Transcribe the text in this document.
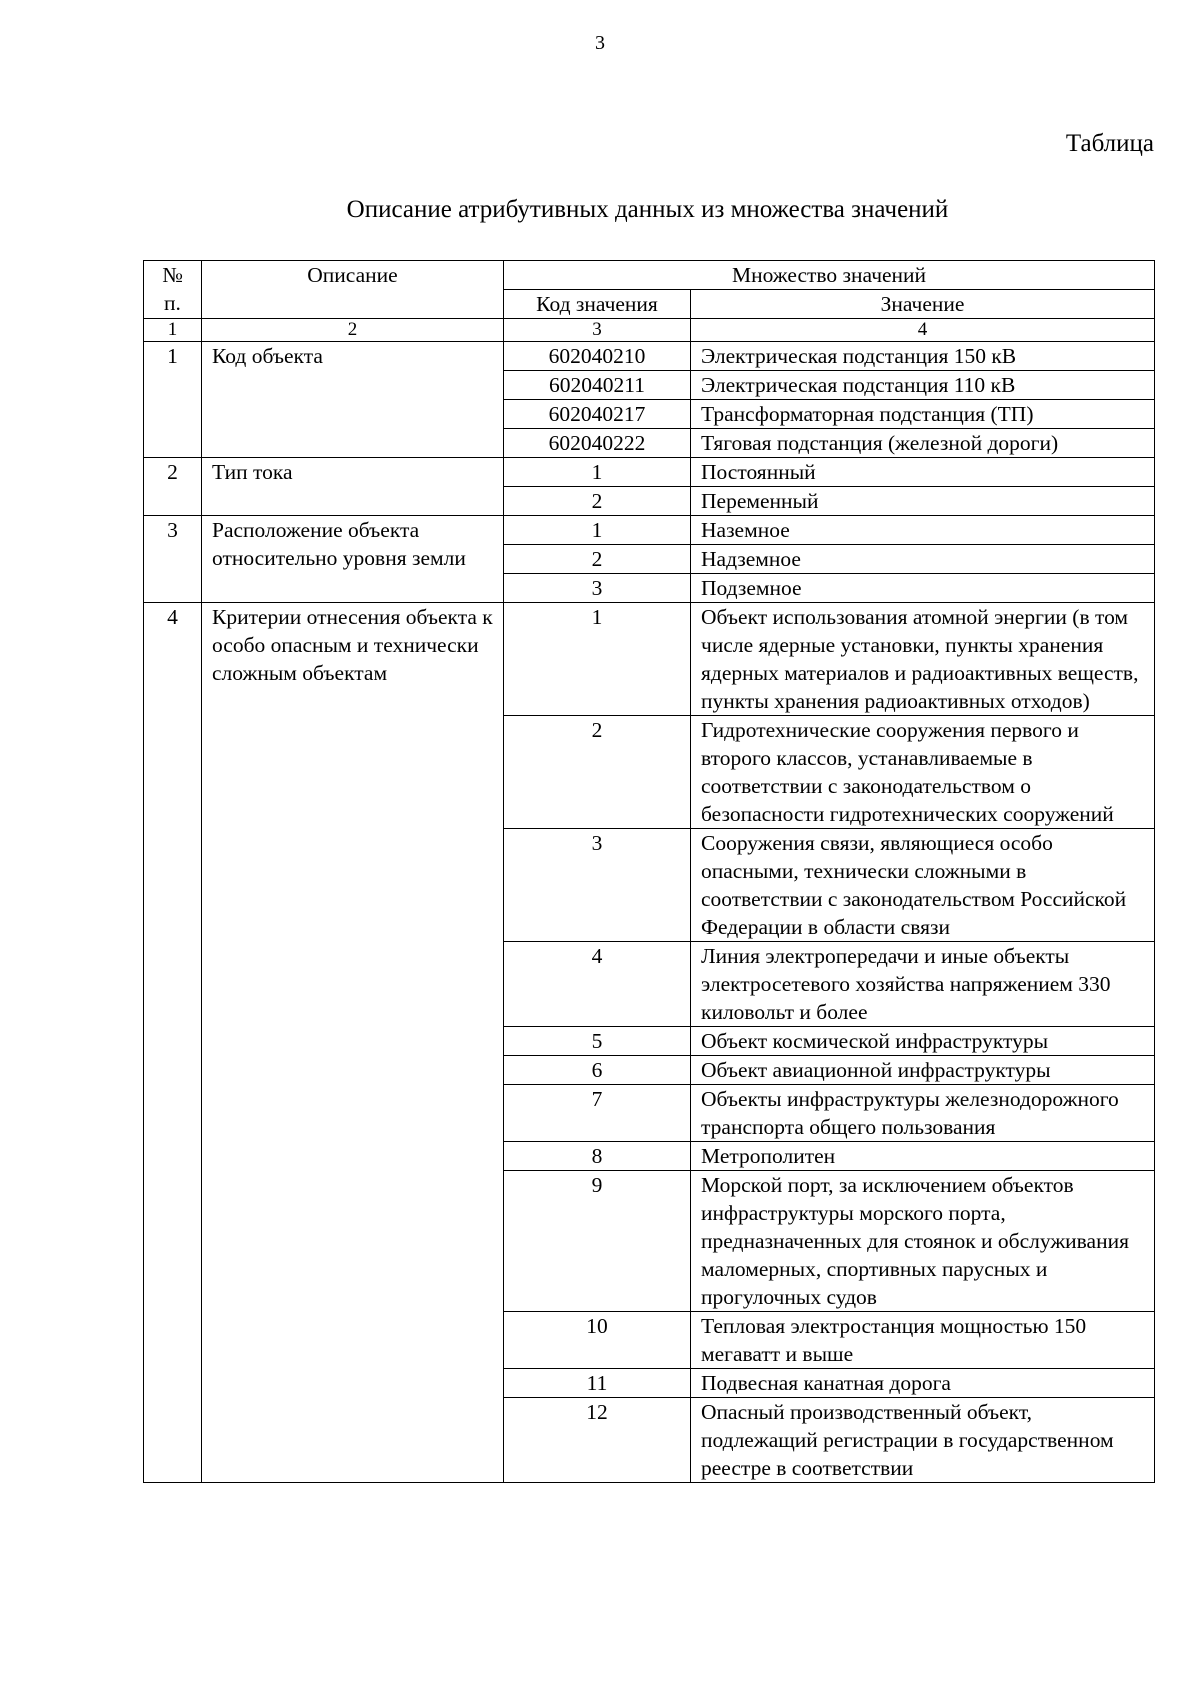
3
Таблица
Описание атрибутивных данных из множества значений
№ п.	Описание	Множество значений	
		Код значения	Значение
1	2	3	4
1	Код объекта	602040210	Электрическая подстанция 150 кВ
		602040211	Электрическая подстанция 110 кВ
		602040217	Трансформаторная подстанция (ТП)
		602040222	Тяговая подстанция (железной дороги)
2	Тип тока	1	Постоянный
		2	Переменный
3	Расположение объекта относительно уровня земли	1	Наземное
		2	Надземное
		3	Подземное
4	Критерии отнесения объекта к особо опасным и технически сложным объектам	1	Объект использования атомной энергии (в том числе ядерные установки, пункты хранения ядерных материалов и радиоактивных веществ, пункты хранения радиоактивных отходов)
		2	Гидротехнические сооружения первого и второго классов, устанавливаемые в соответствии с законодательством о безопасности гидротехнических сооружений
		3	Сооружения связи, являющиеся особо опасными, технически сложными в соответствии с законодательством Российской Федерации в области связи
		4	Линия электропередачи и иные объекты электросетевого хозяйства напряжением 330 киловольт и более
		5	Объект космической инфраструктуры
		6	Объект авиационной инфраструктуры
		7	Объекты инфраструктуры железнодорожного транспорта общего пользования
		8	Метрополитен
		9	Морской порт, за исключением объектов инфраструктуры морского порта, предназначенных для стоянок и обслуживания маломерных, спортивных парусных и прогулочных судов
		10	Тепловая электростанция мощностью 150 мегаватт и выше
		11	Подвесная канатная дорога
		12	Опасный производственный объект, подлежащий регистрации в государственном реестре в соответствии
